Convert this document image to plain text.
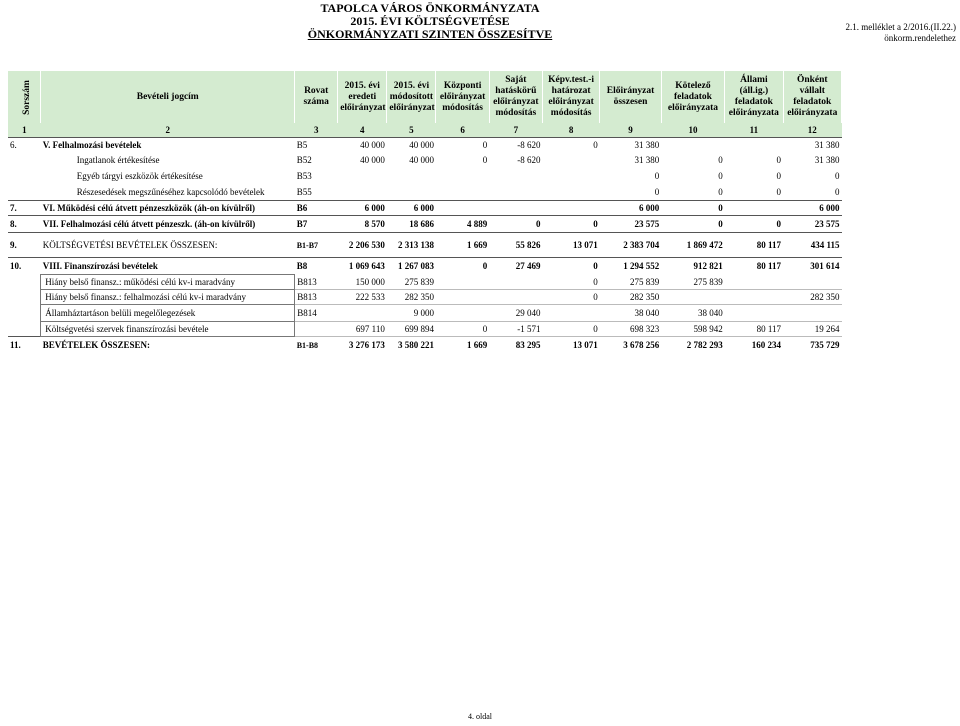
TAPOLCA VÁROS ÖNKORMÁNYZATA
2015. ÉVI KÖLTSÉGVETÉSE
ÖNKORMÁNYZATI SZINTEN ÖSSZESÍTVE	2.1. melléklet a 2/2016.(II.22.)
önkorm.rendelethez
Sorszám	Bevételi jogcím	Rovat száma	2015. évi eredeti előirányzat	2015. évi módosított előirányzat	Központi előirányzat módosítás	Saját hatáskörű előirányzat módosítás	Képv.test.-i határozat előirányzat módosítás	Előirányzat összesen	Kötelező feladatok előirányzata	Állami (áll.ig.) feladatok előirányzata	Önként vállalt feladatok előirányzata
1	2	3	4	5	6	7	8	9	10	11	12
6.	V. Felhalmozási bevételek	B5	40 000	40 000	0	-8 620	0	31 380			31 380
	Ingatlanok értékesítése	B52	40 000	40 000	0	-8 620		31 380	0	0	31 380
	Egyéb tárgyi eszközök értékesítése	B53						0	0	0	0
	Részesedések megszűnéséhez kapcsolódó bevételek	B55						0	0	0	0
7.	VI. Működési célú átvett pénzeszközök (áh-on kívülről)	B6	6 000	6 000				6 000	0		6 000
8.	VII. Felhalmozási célú átvett pénzeszk. (áh-on kívülről)	B7	8 570	18 686	4 889	0	0	23 575	0	0	23 575
9.	KÖLTSÉGVETÉSI BEVÉTELEK ÖSSZESEN:	B1-B7	2 206 530	2 313 138	1 669	55 826	13 071	2 383 704	1 869 472	80 117	434 115
10.	VIII. Finanszírozási bevételek	B8	1 069 643	1 267 083	0	27 469	0	1 294 552	912 821	80 117	301 614
	Hiány belső finansz.: működési célú kv-i maradvány	B813	150 000	275 839			0	275 839	275 839		
	Hiány belső finansz.: felhalmozási célú kv-i maradvány	B813	222 533	282 350			0	282 350			282 350
	Államháztartáson belüli megelőlegezések	B814		9 000		29 040		38 040	38 040		
	Költségvetési szervek finanszírozási bevétele		697 110	699 894	0	-1 571	0	698 323	598 942	80 117	19 264
11.	BEVÉTELEK ÖSSZESEN:	B1-B8	3 276 173	3 580 221	1 669	83 295	13 071	3 678 256	2 782 293	160 234	735 729
4. oldal
